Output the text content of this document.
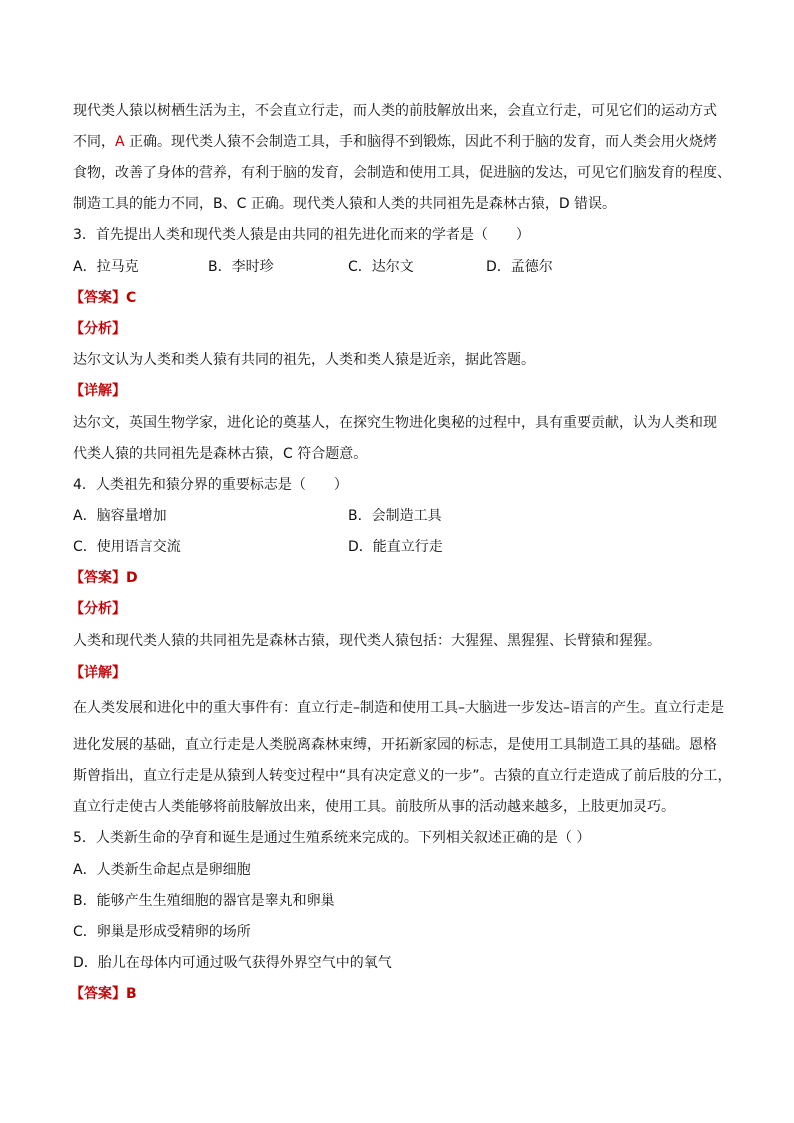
现代类人猿以树栖生活为主，不会直立行走，而人类的前肢解放出来，会直立行走，可见它们的运动方式
不同，A 正确。现代类人猿不会制造工具，手和脑得不到锻炼，因此不利于脑的发育，而人类会用火烧烤
食物，改善了身体的营养，有利于脑的发育，会制造和使用工具，促进脑的发达，可见它们脑发育的程度、
制造工具的能力不同，B、C 正确。现代类人猿和人类的共同祖先是森林古猿，D 错误。
3．首先提出人类和现代类人猿是由共同的祖先进化而来的学者是（　　）
A．拉马克	B．李时珍	C．达尔文	D．孟德尔
【答案】C
【分析】
达尔文认为人类和类人猿有共同的祖先，人类和类人猿是近亲，据此答题。
【详解】
达尔文，英国生物学家，进化论的奠基人，在探究生物进化奥秘的过程中，具有重要贡献，认为人类和现
代类人猿的共同祖先是森林古猿，C 符合题意。
4．人类祖先和猿分界的重要标志是（　　）
A．脑容量增加	B．会制造工具
C．使用语言交流	D．能直立行走
【答案】D
【分析】
人类和现代类人猿的共同祖先是森林古猿，现代类人猿包括：大猩猩、黑猩猩、长臂猿和猩猩。
【详解】
在人类发展和进化中的重大事件有：直立行走–制造和使用工具–大脑进一步发达–语言的产生。直立行走是
进化发展的基础，直立行走是人类脱离森林束缚，开拓新家园的标志，是使用工具制造工具的基础。恩格
斯曾指出，直立行走是从猿到人转变过程中“具有决定意义的一步”。古猿的直立行走造成了前后肢的分工，
直立行走使古人类能够将前肢解放出来，使用工具。前肢所从事的活动越来越多，上肢更加灵巧。
5．人类新生命的孕育和诞生是通过生殖系统来完成的。下列相关叙述正确的是（ ）
A．人类新生命起点是卵细胞
B．能够产生生殖细胞的器官是睾丸和卵巢
C．卵巢是形成受精卵的场所
D．胎儿在母体内可通过吸气获得外界空气中的氧气
【答案】B
